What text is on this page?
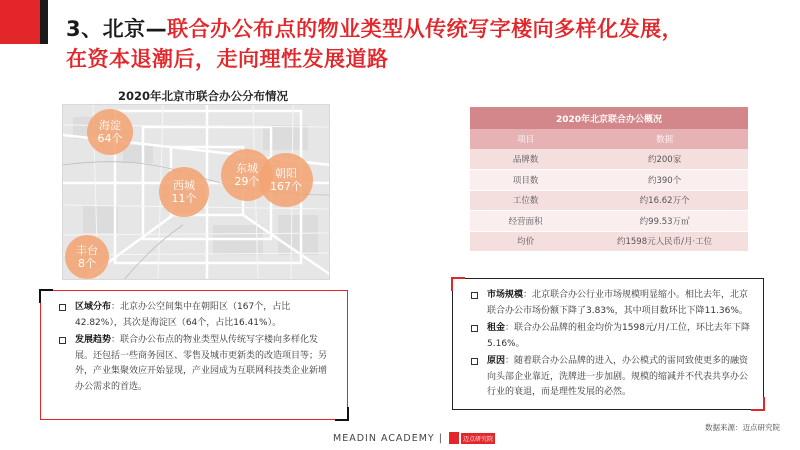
3、北京—联合办公布点的物业类型从传统写字楼向多样化发展，
在资本退潮后，走向理性发展道路
2020年北京市联合办公分布情况
海淀
64个
西城
11个
东城
29个
朝阳
167个
丰台
8个
2020年北京联合办公概况	
项目	数据
品牌数	约200家
项目数	约390个
工位数	约16.62万个
经营面积	约99.53万㎡
均价	约1598元人民币/月·工位
区域分布：北京办公空间集中在朝阳区（167个，占比42.82%），其次是海淀区（64个，占比16.41%）。
发展趋势：联合办公布点的物业类型从传统写字楼向多样化发展。还包括一些商务园区、零售及城市更新类的改造项目等；另外，产业集聚效应开始显现，产业园成为互联网科技类企业新增办公需求的首选。
市场规模：北京联合办公行业市场规模明显缩小。相比去年，北京联合办公市场份额下降了3.83%，其中项目数环比下降11.36%。
租金：联合办公品牌的租金均价为1598元/月/工位，环比去年下降5.16%。
原因：随着联合办公品牌的进入，办公模式的雷同致使更多的融资向头部企业靠近，洗牌进一步加剧。规模的缩减并不代表共享办公行业的衰退，而是理性发展的必然。
数据来源：迈点研究院
MEADIN ACADEMY |	迈点研究院
